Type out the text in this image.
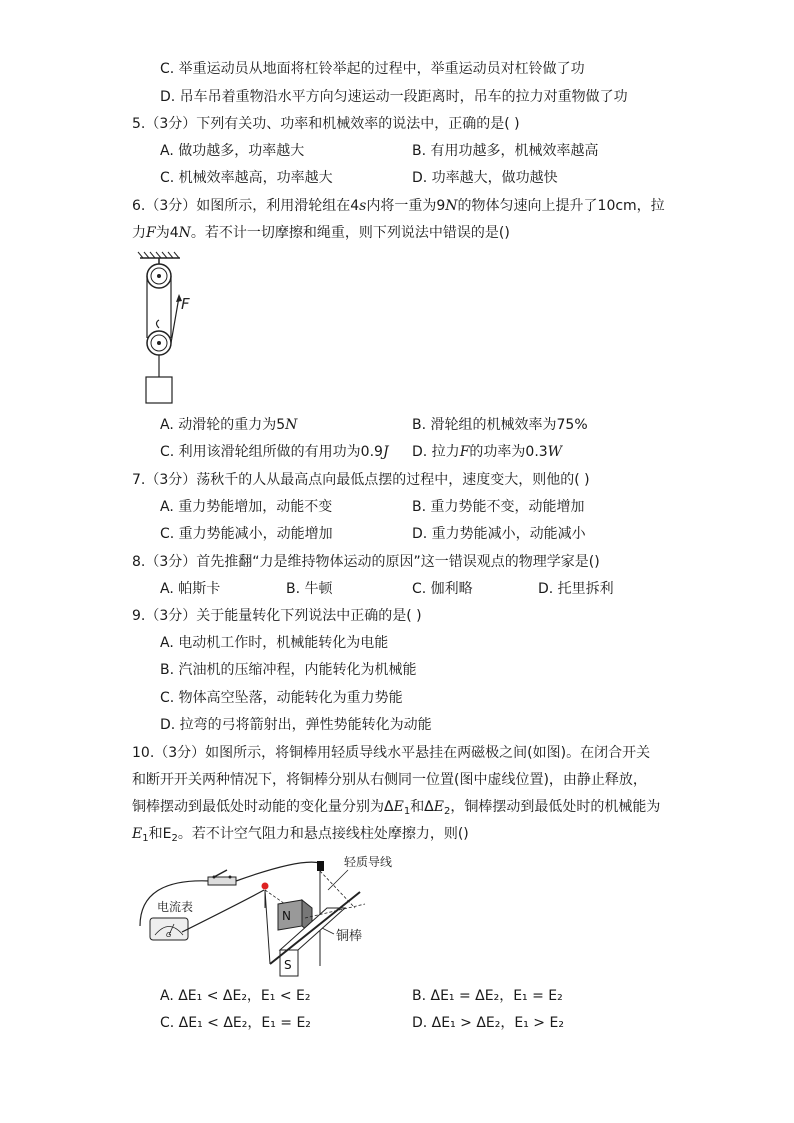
C. 举重运动员从地面将杠铃举起的过程中，举重运动员对杠铃做了功
D. 吊车吊着重物沿水平方向匀速运动一段距离时，吊车的拉力对重物做了功
5.（3分）下列有关功、功率和机械效率的说法中，正确的是( )
A. 做功越多，功率越大	B. 有用功越多，机械效率越高
C. 机械效率越高，功率越大	D. 功率越大，做功越快
6.（3分）如图所示，利用滑轮组在4s内将一重为9N的物体匀速向上提升了10cm，拉
力F为4N。若不计一切摩擦和绳重，则下列说法中错误的是()
F
A. 动滑轮的重力为5N	B. 滑轮组的机械效率为75%
C. 利用该滑轮组所做的有用功为0.9J D. 拉力F的功率为0.3W
7.（3分）荡秋千的人从最高点向最低点摆的过程中，速度变大，则他的( )
A. 重力势能增加，动能不变	B. 重力势能不变，动能增加
C. 重力势能减小，动能增加	D. 重力势能减小，动能减小
8.（3分）首先推翻“力是维持物体运动的原因”这一错误观点的物理学家是()
A. 帕斯卡	B. 牛顿	C. 伽利略	D. 托里拆利
9.（3分）关于能量转化下列说法中正确的是( )
A. 电动机工作时，机械能转化为电能
B. 汽油机的压缩冲程，内能转化为机械能
C. 物体高空坠落，动能转化为重力势能
D. 拉弯的弓将箭射出，弹性势能转化为动能
10.（3分）如图所示，将铜棒用轻质导线水平悬挂在两磁极之间(如图)。在闭合开关
和断开开关两种情况下，将铜棒分别从右侧同一位置(图中虚线位置)，由静止释放，
铜棒摆动到最低处时动能的变化量分别为$\Delta E_1$和$\Delta E_2$，铜棒摆动到最低处时的机械能为
$E_1$和$E_2$。若不计空气阻力和悬点接线柱处摩擦力，则()
电流表
G
N
S
轻质导线
铜棒
A. ΔE₁ < ΔE₂，E₁ < E₂	B. ΔE₁ = ΔE₂，E₁ = E₂
C. ΔE₁ < ΔE₂，E₁ = E₂	D. ΔE₁ > ΔE₂，E₁ > E₂
